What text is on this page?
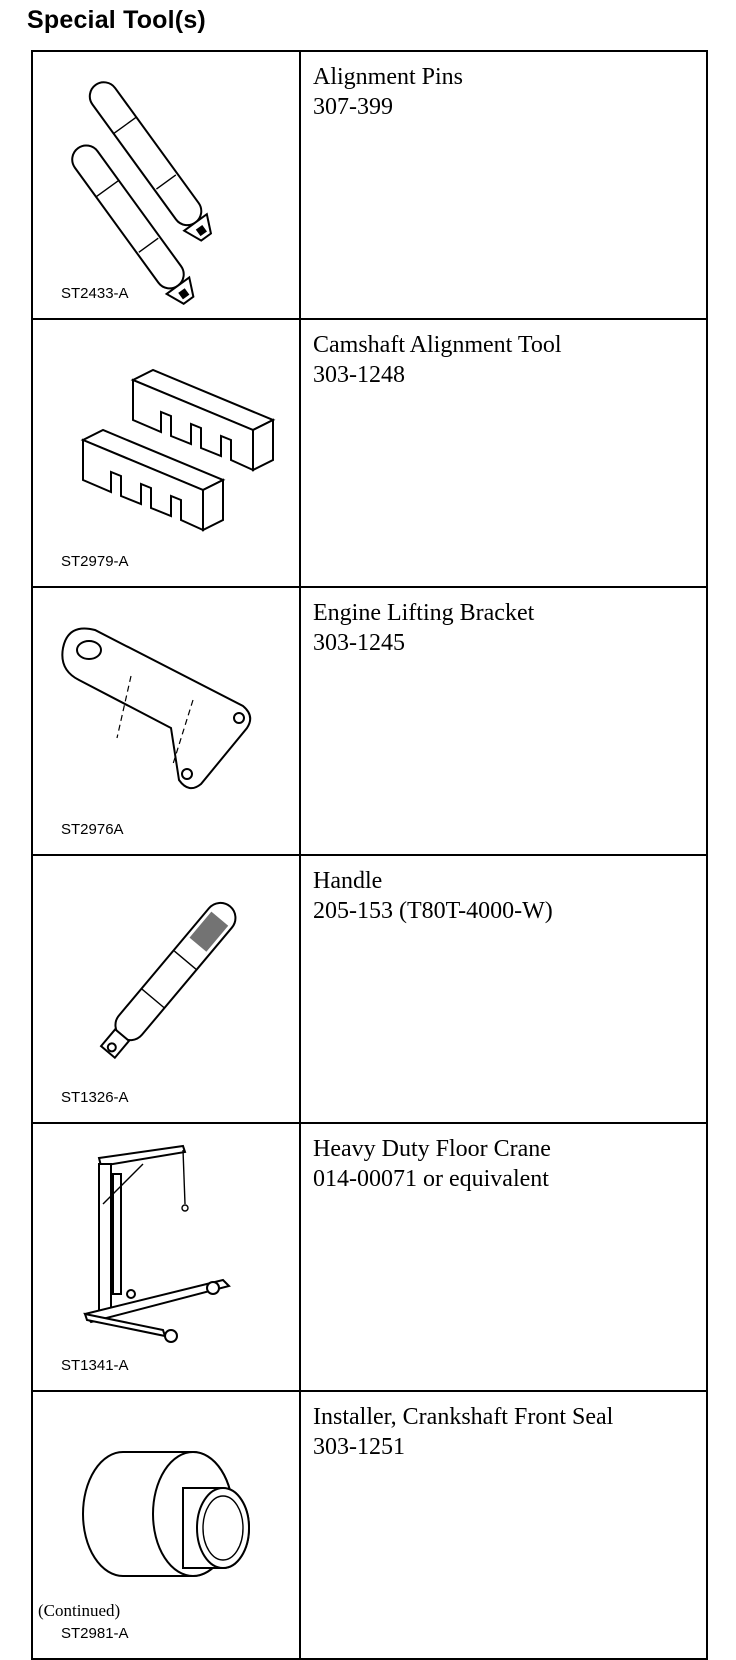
Special Tool(s)
ST2433-A	Alignment Pins
307-399

ST2979-A	Camshaft Alignment Tool
303-1248

ST2976A	Engine Lifting Bracket
303-1245

ST1326-A	Handle
205-153 (T80T-4000-W)

ST1341-A	Heavy Duty Floor Crane
014-00071 or equivalent

ST2981-A	Installer, Crankshaft Front Seal
303-1251
(Continued)
